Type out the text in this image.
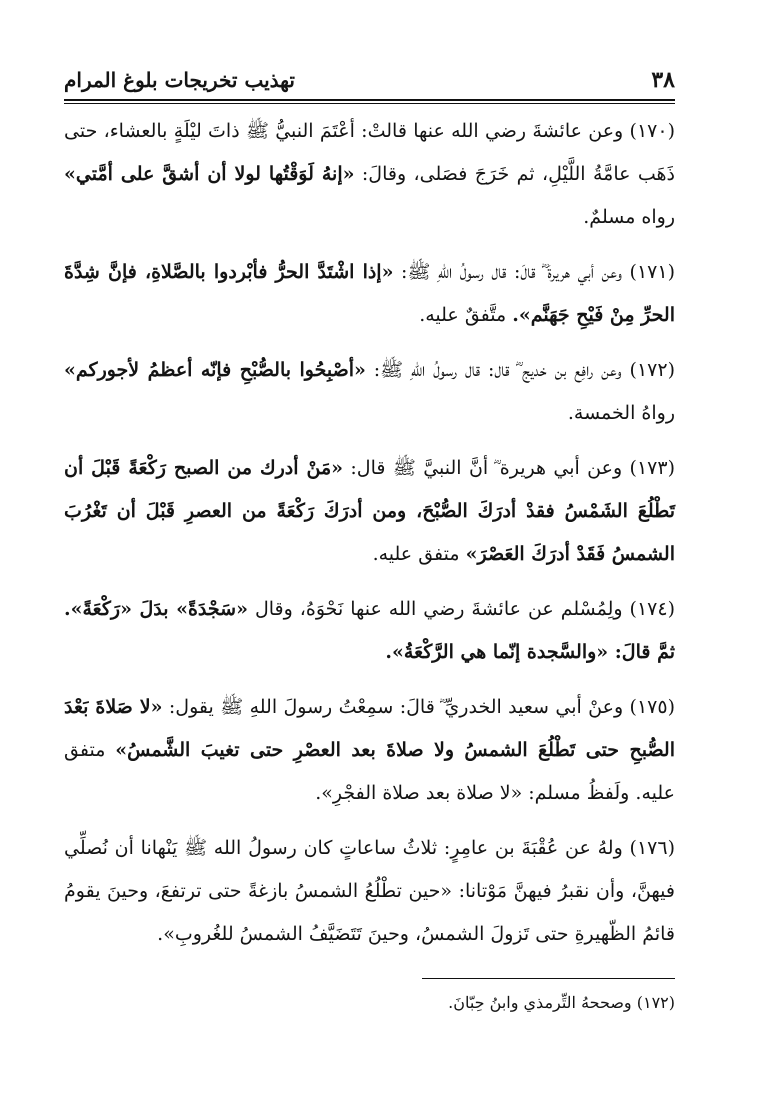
٣٨
تهذيب تخريجات بلوغ المرام

(١٧٠) وعن عائشةَ رضي الله عنها قالتْ: أعْتَمَ النبيُّ ﷺ ذاتَ ليْلَةٍ بالعشاء، حتى ذَهَب عامَّةُ اللَّيْلِ، ثم خَرَجَ فصَلى، وقالَ: «إنهُ لَوَقْتُها لولا أن أشقَّ على أمَّتي» رواه مسلمٌ.

(١٧١) وعن أبي هريرةَ ؓ قالَ: قال رسولُ اللهِ ﷺ: «إذا اشْتَدَّ الحرُّ فأبْردوا بالصَّلاةِ، فإنَّ شِدَّةَ الحرِّ مِنْ فَيْحِ جَهَنَّم». متَّفقٌ عليه.

(١٧٢) وعن رافِع بن خديج ؓ قال: قال رسولُ اللهِ ﷺ: «أصْبِحُوا بالصُّبْحِ فإنّه أعظمُ لأجوركم» رواهُ الخمسة.

(١٧٣) وعن أبي هريرة ؓ أنَّ النبيَّ ﷺ قال: «مَنْ أدرك من الصبح رَكْعَةً قَبْلَ أن تَطْلُعَ الشَمْسُ فقدْ أدرَكَ الصُّبْحَ، ومن أدرَكَ رَكْعَةً من العصرِ قَبْلَ أن تَغْرُبَ الشمسُ فَقَدْ أدرَكَ العَصْرَ» متفق عليه.

(١٧٤) ولِمُسْلم عن عائشةَ رضي الله عنها نَحْوَهُ، وقال «سَجْدَةً» بدَلَ «رَكْعَةً». ثمَّ قالَ: «والسَّجدة إنّما هي الرَّكْعَةُ».

(١٧٥) وعنْ أبي سعيد الخدريِّ ؓ قالَ: سمِعْتُ رسولَ اللهِ ﷺ يقول: «لا صَلاةَ بَعْدَ الصُّبحِ حتى تَطْلُعَ الشمسُ ولا صلاةَ بعد العصْرِ حتى تغيبَ الشَّمسُ» متفق عليه. ولَفظُ مسلم: «لا صلاة بعد صلاة الفجْرِ».

(١٧٦) ولهُ عن عُقْبَةَ بن عامِرٍ: ثلاثُ ساعاتٍ كان رسولُ الله ﷺ يَنْهانا أن نُصلِّي فيهنَّ، وأن نقبرُ فيهنَّ مَوْتانا: «حين تطْلُعُ الشمسُ بازغةً حتى ترتفعَ، وحينَ يقومُ قائمُ الظّهيرةِ حتى تَزولَ الشمسُ، وحينَ تَتَضَيَّفُ الشمسُ للغُروبِ».

(١٧٢) وصححهُ التِّرمذي وابنُ حِبّانَ.
